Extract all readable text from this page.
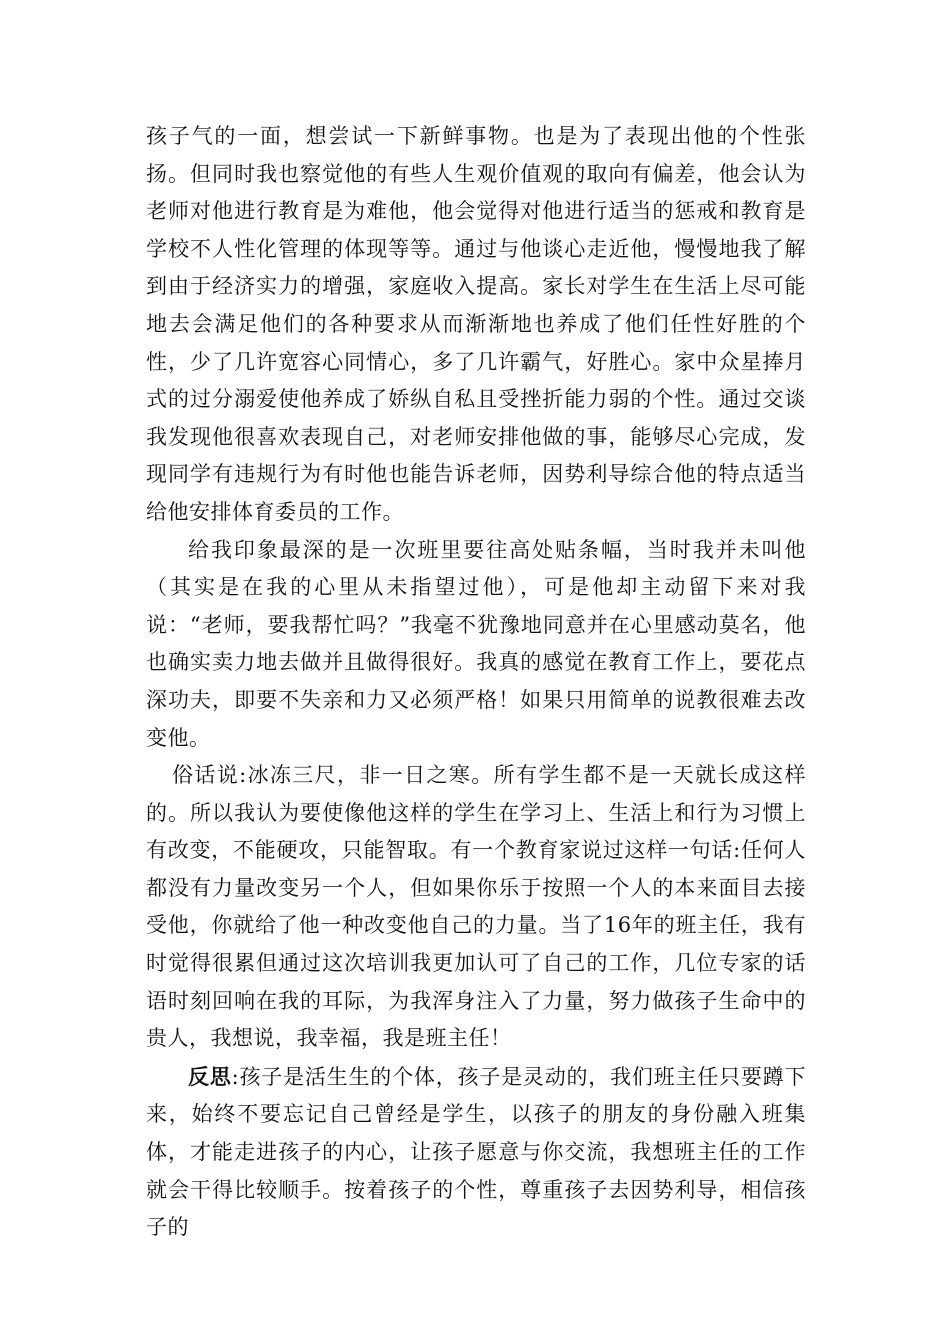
孩子气的一面，想尝试一下新鲜事物。也是为了表现出他的个性张扬。但同时我也察觉他的有些人生观价值观的取向有偏差，他会认为老师对他进行教育是为难他，他会觉得对他进行适当的惩戒和教育是学校不人性化管理的体现等等。通过与他谈心走近他，慢慢地我了解到由于经济实力的增强，家庭收入提高。家长对学生在生活上尽可能地去会满足他们的各种要求从而渐渐地也养成了他们任性好胜的个性，少了几许宽容心同情心，多了几许霸气，好胜心。家中众星捧月式的过分溺爱使他养成了娇纵自私且受挫折能力弱的个性。通过交谈我发现他很喜欢表现自己，对老师安排他做的事，能够尽心完成，发现同学有违规行为有时他也能告诉老师，因势利导综合他的特点适当给他安排体育委员的工作。

给我印象最深的是一次班里要往高处贴条幅，当时我并未叫他（其实是在我的心里从未指望过他），可是他却主动留下来对我说：“老师，要我帮忙吗？”我毫不犹豫地同意并在心里感动莫名，他也确实卖力地去做并且做得很好。我真的感觉在教育工作上，要花点深功夫，即要不失亲和力又必须严格！如果只用简单的说教很难去改变他。

俗话说:冰冻三尺，非一日之寒。所有学生都不是一天就长成这样的。所以我认为要使像他这样的学生在学习上、生活上和行为习惯上有改变，不能硬攻，只能智取。有一个教育家说过这样一句话:任何人都没有力量改变另一个人，但如果你乐于按照一个人的本来面目去接受他，你就给了他一种改变他自己的力量。当了16年的班主任，我有时觉得很累但通过这次培训我更加认可了自己的工作，几位专家的话语时刻回响在我的耳际，为我浑身注入了力量，努力做孩子生命中的贵人，我想说，我幸福，我是班主任！

反思:孩子是活生生的个体，孩子是灵动的，我们班主任只要蹲下来，始终不要忘记自己曾经是学生，以孩子的朋友的身份融入班集体，才能走进孩子的内心，让孩子愿意与你交流，我想班主任的工作就会干得比较顺手。按着孩子的个性，尊重孩子去因势利导，相信孩子的
